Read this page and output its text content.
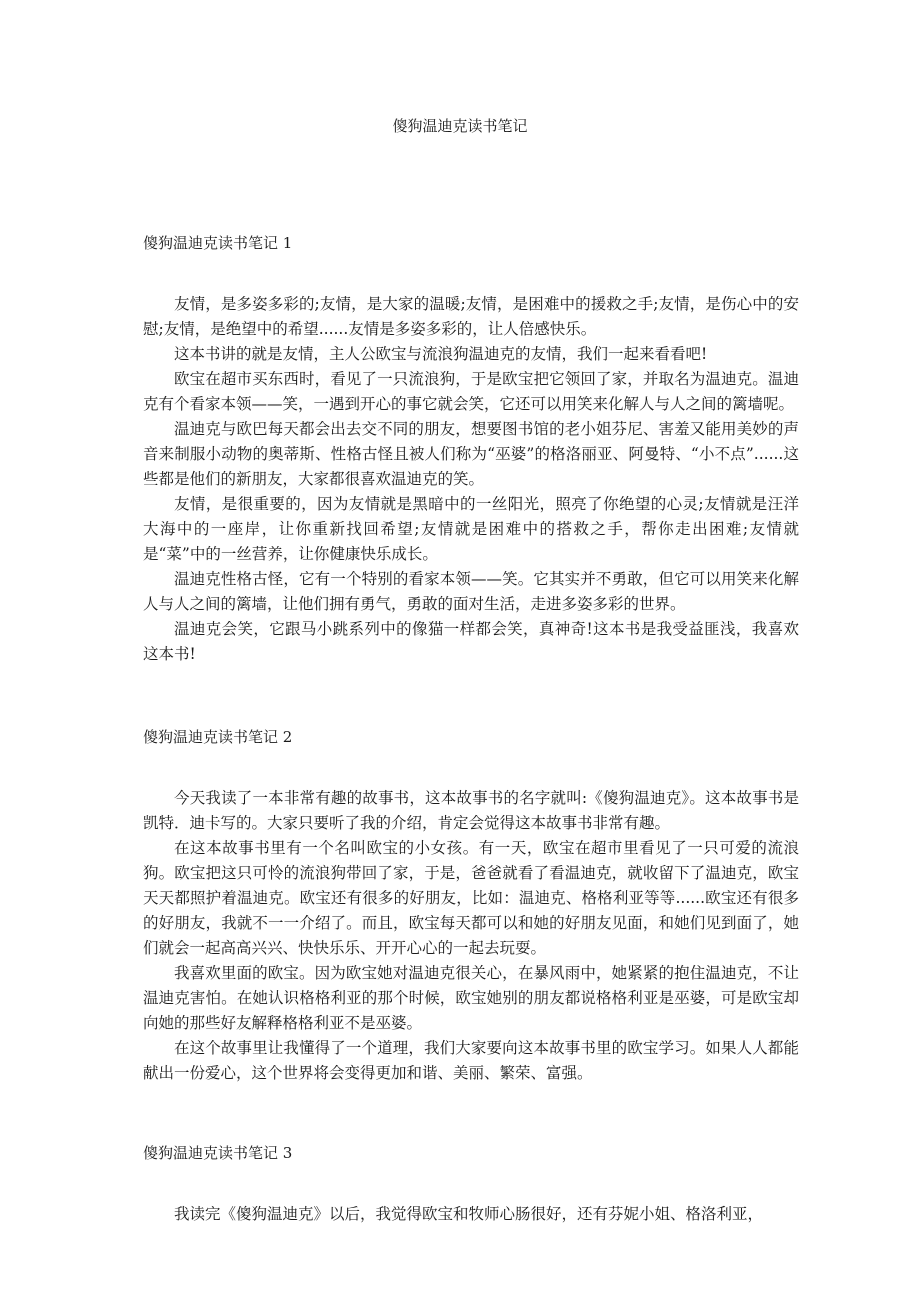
傻狗温迪克读书笔记
傻狗温迪克读书笔记 1

友情，是多姿多彩的;友情，是大家的温暖;友情，是困难中的援救之手;友情，是伤心中的安慰;友情，是绝望中的希望......友情是多姿多彩的，让人倍感快乐。

这本书讲的就是友情，主人公欧宝与流浪狗温迪克的友情，我们一起来看看吧!

欧宝在超市买东西时，看见了一只流浪狗，于是欧宝把它领回了家，并取名为温迪克。温迪克有个看家本领——笑，一遇到开心的事它就会笑，它还可以用笑来化解人与人之间的篱墙呢。

温迪克与欧巴每天都会出去交不同的朋友，想要图书馆的老小姐芬尼、害羞又能用美妙的声音来制服小动物的奥蒂斯、性格古怪且被人们称为“巫婆”的格洛丽亚、阿曼特、“小不点”......这些都是他们的新朋友，大家都很喜欢温迪克的笑。

友情，是很重要的，因为友情就是黑暗中的一丝阳光，照亮了你绝望的心灵;友情就是汪洋大海中的一座岸，让你重新找回希望;友情就是困难中的搭救之手，帮你走出困难;友情就是“菜”中的一丝营养，让你健康快乐成长。

温迪克性格古怪，它有一个特别的看家本领——笑。它其实并不勇敢，但它可以用笑来化解人与人之间的篱墙，让他们拥有勇气，勇敢的面对生活，走进多姿多彩的世界。

温迪克会笑，它跟马小跳系列中的像猫一样都会笑，真神奇!这本书是我受益匪浅，我喜欢这本书!

傻狗温迪克读书笔记 2

今天我读了一本非常有趣的故事书，这本故事书的名字就叫:《傻狗温迪克》。这本故事书是凯特．迪卡写的。大家只要听了我的介绍，肯定会觉得这本故事书非常有趣。

在这本故事书里有一个名叫欧宝的小女孩。有一天，欧宝在超市里看见了一只可爱的流浪狗。欧宝把这只可怜的流浪狗带回了家，于是，爸爸就看了看温迪克，就收留下了温迪克，欧宝天天都照护着温迪克。欧宝还有很多的好朋友，比如：温迪克、格格利亚等等......欧宝还有很多的好朋友，我就不一一介绍了。而且，欧宝每天都可以和她的好朋友见面，和她们见到面了，她们就会一起高高兴兴、快快乐乐、开开心心的一起去玩耍。

我喜欢里面的欧宝。因为欧宝她对温迪克很关心，在暴风雨中，她紧紧的抱住温迪克，不让温迪克害怕。在她认识格格利亚的那个时候，欧宝她别的朋友都说格格利亚是巫婆，可是欧宝却向她的那些好友解释格格利亚不是巫婆。

在这个故事里让我懂得了一个道理，我们大家要向这本故事书里的欧宝学习。如果人人都能献出一份爱心，这个世界将会变得更加和谐、美丽、繁荣、富强。

傻狗温迪克读书笔记 3

我读完《傻狗温迪克》以后，我觉得欧宝和牧师心肠很好，还有芬妮小姐、格洛利亚，
